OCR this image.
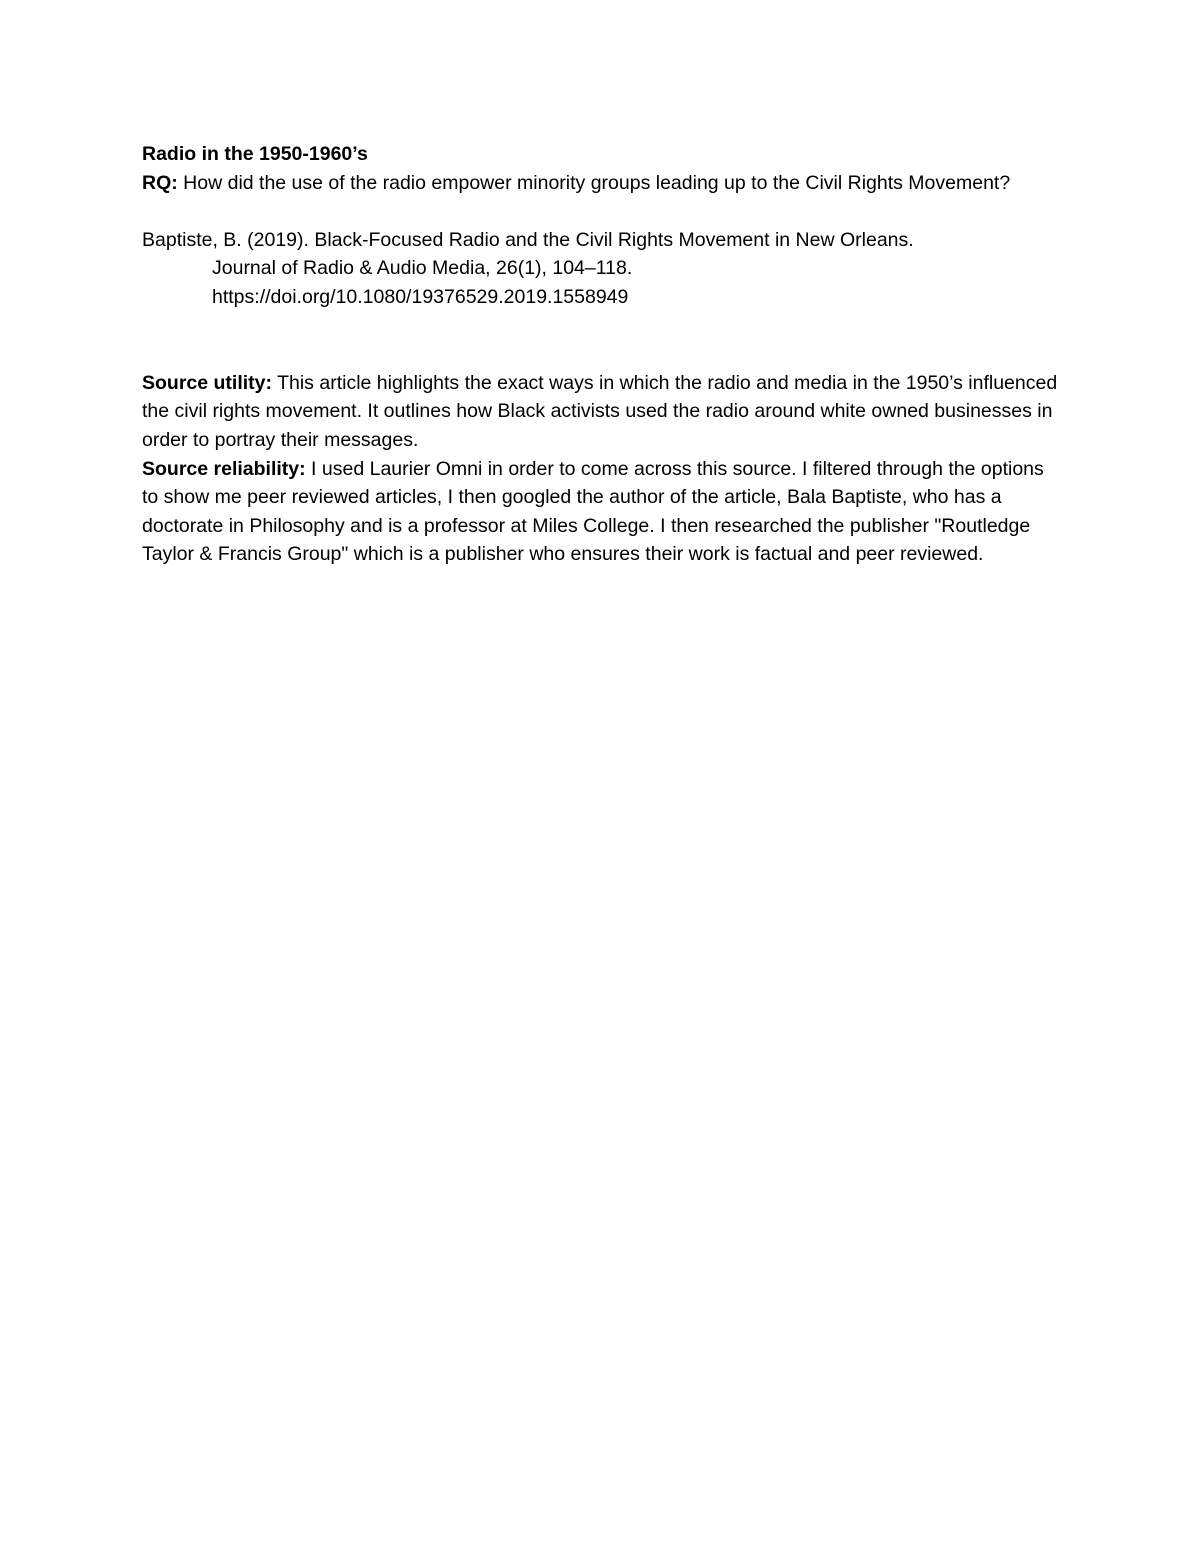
Radio in the 1950-1960’s

RQ: How did the use of the radio empower minority groups leading up to the Civil Rights Movement?

Baptiste, B. (2019). Black-Focused Radio and the Civil Rights Movement in New Orleans.

Journal of Radio & Audio Media, 26(1), 104–118.

https://doi.org/10.1080/19376529.2019.1558949

Source utility: This article highlights the exact ways in which the radio and media in the 1950’s influenced the civil rights movement. It outlines how Black activists used the radio around white owned businesses in order to portray their messages.

Source reliability: I used Laurier Omni in order to come across this source. I filtered through the options to show me peer reviewed articles, I then googled the author of the article, Bala Baptiste, who has a doctorate in Philosophy and is a professor at Miles College. I then researched the publisher "Routledge Taylor & Francis Group" which is a publisher who ensures their work is factual and peer reviewed.
